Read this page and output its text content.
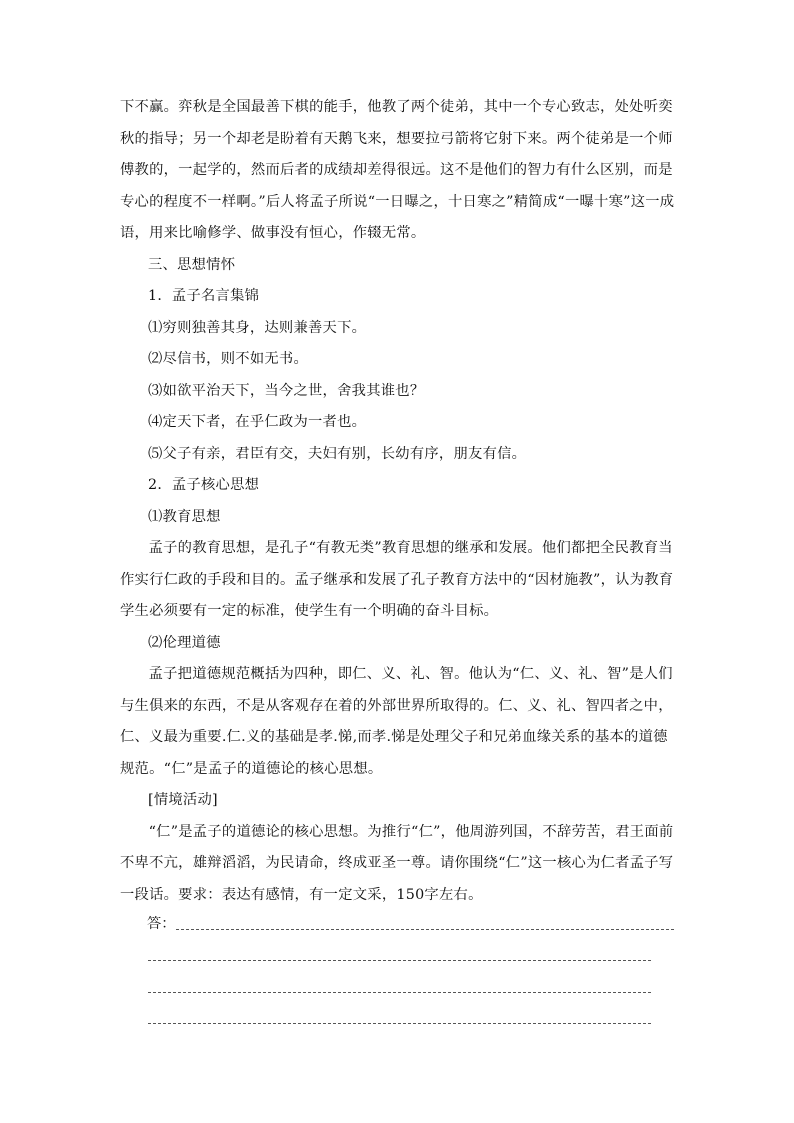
下不赢。弈秋是全国最善下棋的能手，他教了两个徒弟，其中一个专心致志，处处听奕秋的指导；另一个却老是盼着有天鹅飞来，想要拉弓箭将它射下来。两个徒弟是一个师傅教的，一起学的，然而后者的成绩却差得很远。这不是他们的智力有什么区别，而是专心的程度不一样啊。”后人将孟子所说“一日曝之，十日寒之”精简成“一曝十寒”这一成语，用来比喻修学、做事没有恒心，作辍无常。

三、思想情怀

1．孟子名言集锦

⑴穷则独善其身，达则兼善天下。

⑵尽信书，则不如无书。

⑶如欲平治天下，当今之世，舍我其谁也？

⑷定天下者，在乎仁政为一者也。

⑸父子有亲，君臣有交，夫妇有别，长幼有序，朋友有信。

2．孟子核心思想

⑴教育思想

孟子的教育思想，是孔子“有教无类”教育思想的继承和发展。他们都把全民教育当作实行仁政的手段和目的。孟子继承和发展了孔子教育方法中的“因材施教”，认为教育学生必须要有一定的标准，使学生有一个明确的奋斗目标。

⑵伦理道德

孟子把道德规范概括为四种，即仁、义、礼、智。他认为“仁、义、礼、智”是人们与生俱来的东西，不是从客观存在着的外部世界所取得的。仁、义、礼、智四者之中，仁、义最为重要.仁.义的基础是孝.悌,而孝.悌是处理父子和兄弟血缘关系的基本的道德规范。“仁”是孟子的道德论的核心思想。

[情境活动]

“仁”是孟子的道德论的核心思想。为推行“仁”，他周游列国，不辞劳苦，君王面前不卑不亢，雄辩滔滔，为民请命，终成亚圣一尊。请你围绕“仁”这一核心为仁者孟子写一段话。要求：表达有感情，有一定文采，150字左右。

答：
